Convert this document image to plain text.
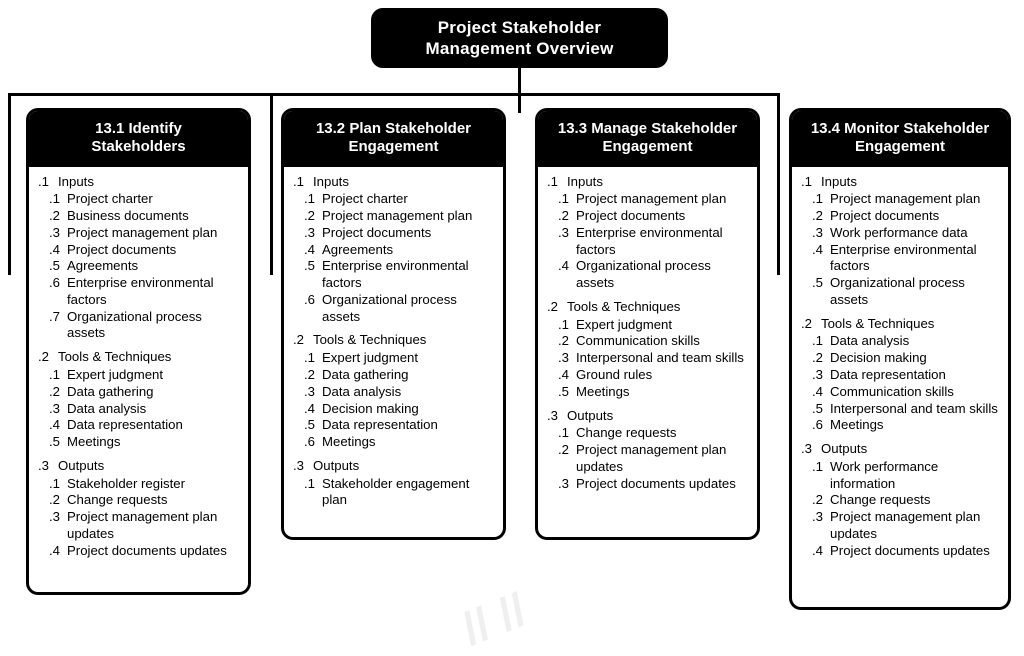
Project Stakeholder
Management Overview
// //
13.1 Identify
Stakeholders
.1 Inputs
.1 Project charter
.2 Business documents
.3 Project management plan
.4 Project documents
.5 Agreements
.6 Enterprise environmental factors
.7 Organizational process assets
.2 Tools & Techniques
.1 Expert judgment
.2 Data gathering
.3 Data analysis
.4 Data representation
.5 Meetings
.3 Outputs
.1 Stakeholder register
.2 Change requests
.3 Project management plan updates
.4 Project documents updates
13.2 Plan Stakeholder
Engagement
.1 Inputs
.1 Project charter
.2 Project management plan
.3 Project documents
.4 Agreements
.5 Enterprise environmental factors
.6 Organizational process assets
.2 Tools & Techniques
.1 Expert judgment
.2 Data gathering
.3 Data analysis
.4 Decision making
.5 Data representation
.6 Meetings
.3 Outputs
.1 Stakeholder engagement plan
13.3 Manage Stakeholder
Engagement
.1 Inputs
.1 Project management plan
.2 Project documents
.3 Enterprise environmental factors
.4 Organizational process assets
.2 Tools & Techniques
.1 Expert judgment
.2 Communication skills
.3 Interpersonal and team skills
.4 Ground rules
.5 Meetings
.3 Outputs
.1 Change requests
.2 Project management plan updates
.3 Project documents updates
13.4 Monitor Stakeholder
Engagement
.1 Inputs
.1 Project management plan
.2 Project documents
.3 Work performance data
.4 Enterprise environmental factors
.5 Organizational process assets
.2 Tools & Techniques
.1 Data analysis
.2 Decision making
.3 Data representation
.4 Communication skills
.5 Interpersonal and team skills
.6 Meetings
.3 Outputs
.1 Work performance information
.2 Change requests
.3 Project management plan updates
.4 Project documents updates
